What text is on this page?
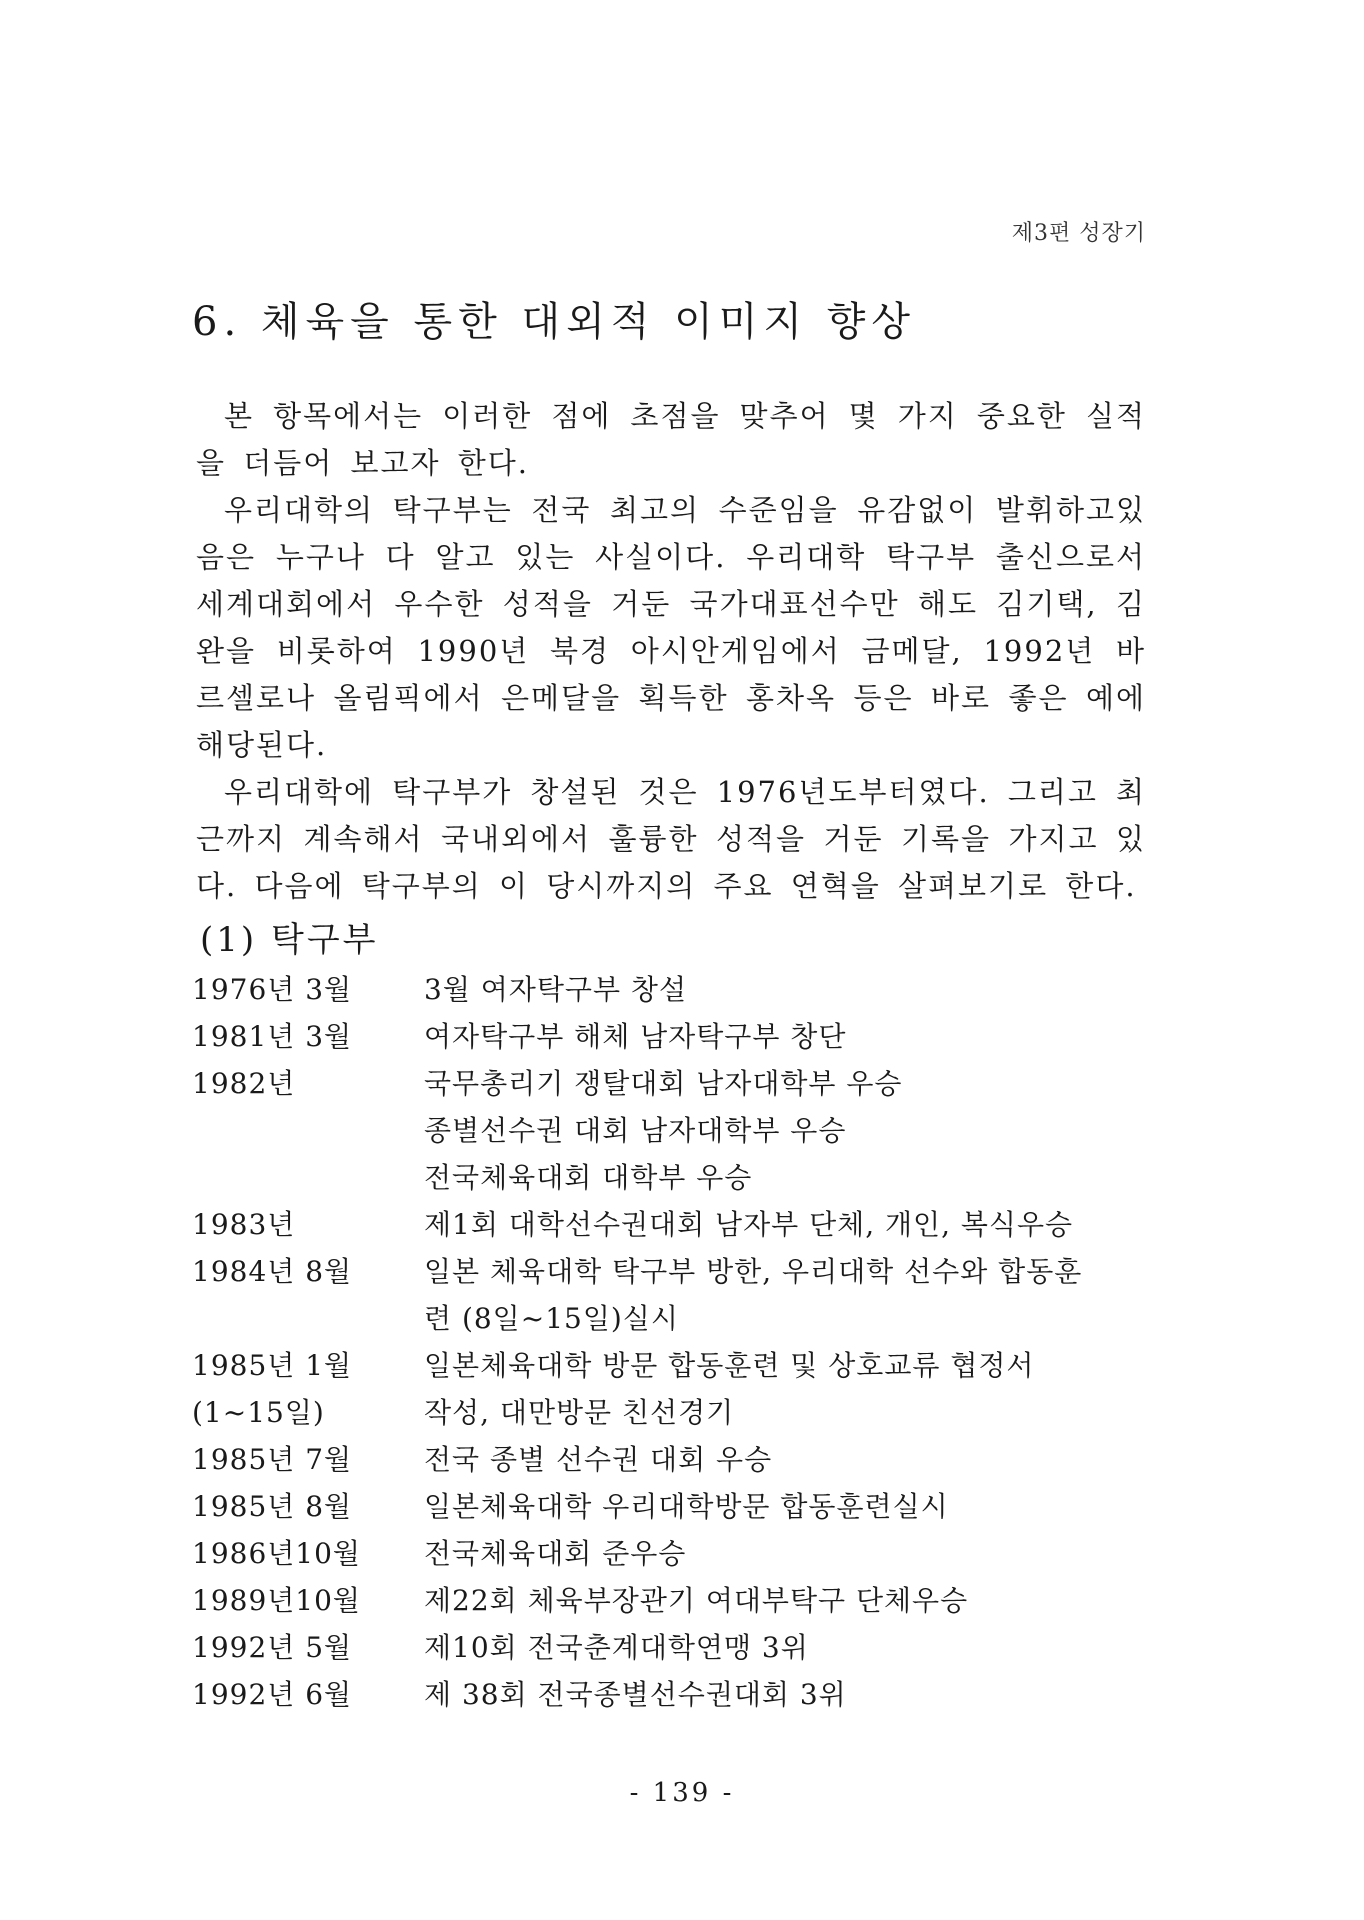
제3편 성장기
6. 체육을 통한 대외적 이미지 향상

본 항목에서는 이러한 점에 초점을 맞추어 몇 가지 중요한 실적을 더듬어 보고자 한다.

우리대학의 탁구부는 전국 최고의 수준임을 유감없이 발휘하고있음은 누구나 다 알고 있는 사실이다. 우리대학 탁구부 출신으로서 세계대회에서 우수한 성적을 거둔 국가대표선수만 해도 김기택, 김 완을 비롯하여 1990년 북경 아시안게임에서 금메달, 1992년 바르셀로나 올림픽에서 은메달을 획득한 홍차옥 등은 바로 좋은 예에 해당된다.

우리대학에 탁구부가 창설된 것은 1976년도부터였다. 그리고 최근까지 계속해서 국내외에서 훌륭한 성적을 거둔 기록을 가지고 있다. 다음에 탁구부의 이 당시까지의 주요 연혁을 살펴보기로 한다.

(1) 탁구부
1976년 3월	3월 여자탁구부 창설
1981년 3월	여자탁구부 해체 남자탁구부 창단
1982년	국무총리기 쟁탈대회 남자대학부 우승
종별선수권 대회 남자대학부 우승
전국체육대회 대학부 우승
1983년	제1회 대학선수권대회 남자부 단체, 개인, 복식우승
1984년 8월	일본 체육대학 탁구부 방한, 우리대학 선수와 합동훈
련 (8일~15일)실시
1985년 1월	일본체육대학 방문 합동훈련 및 상호교류 협정서
(1~15일)	작성, 대만방문 친선경기
1985년 7월	전국 종별 선수권 대회 우승
1985년 8월	일본체육대학 우리대학방문 합동훈련실시
1986년10월	전국체육대회 준우승
1989년10월	제22회 체육부장관기 여대부탁구 단체우승
1992년 5월	제10회 전국춘계대학연맹 3위
1992년 6월	제 38회 전국종별선수권대회 3위
- 139 -
